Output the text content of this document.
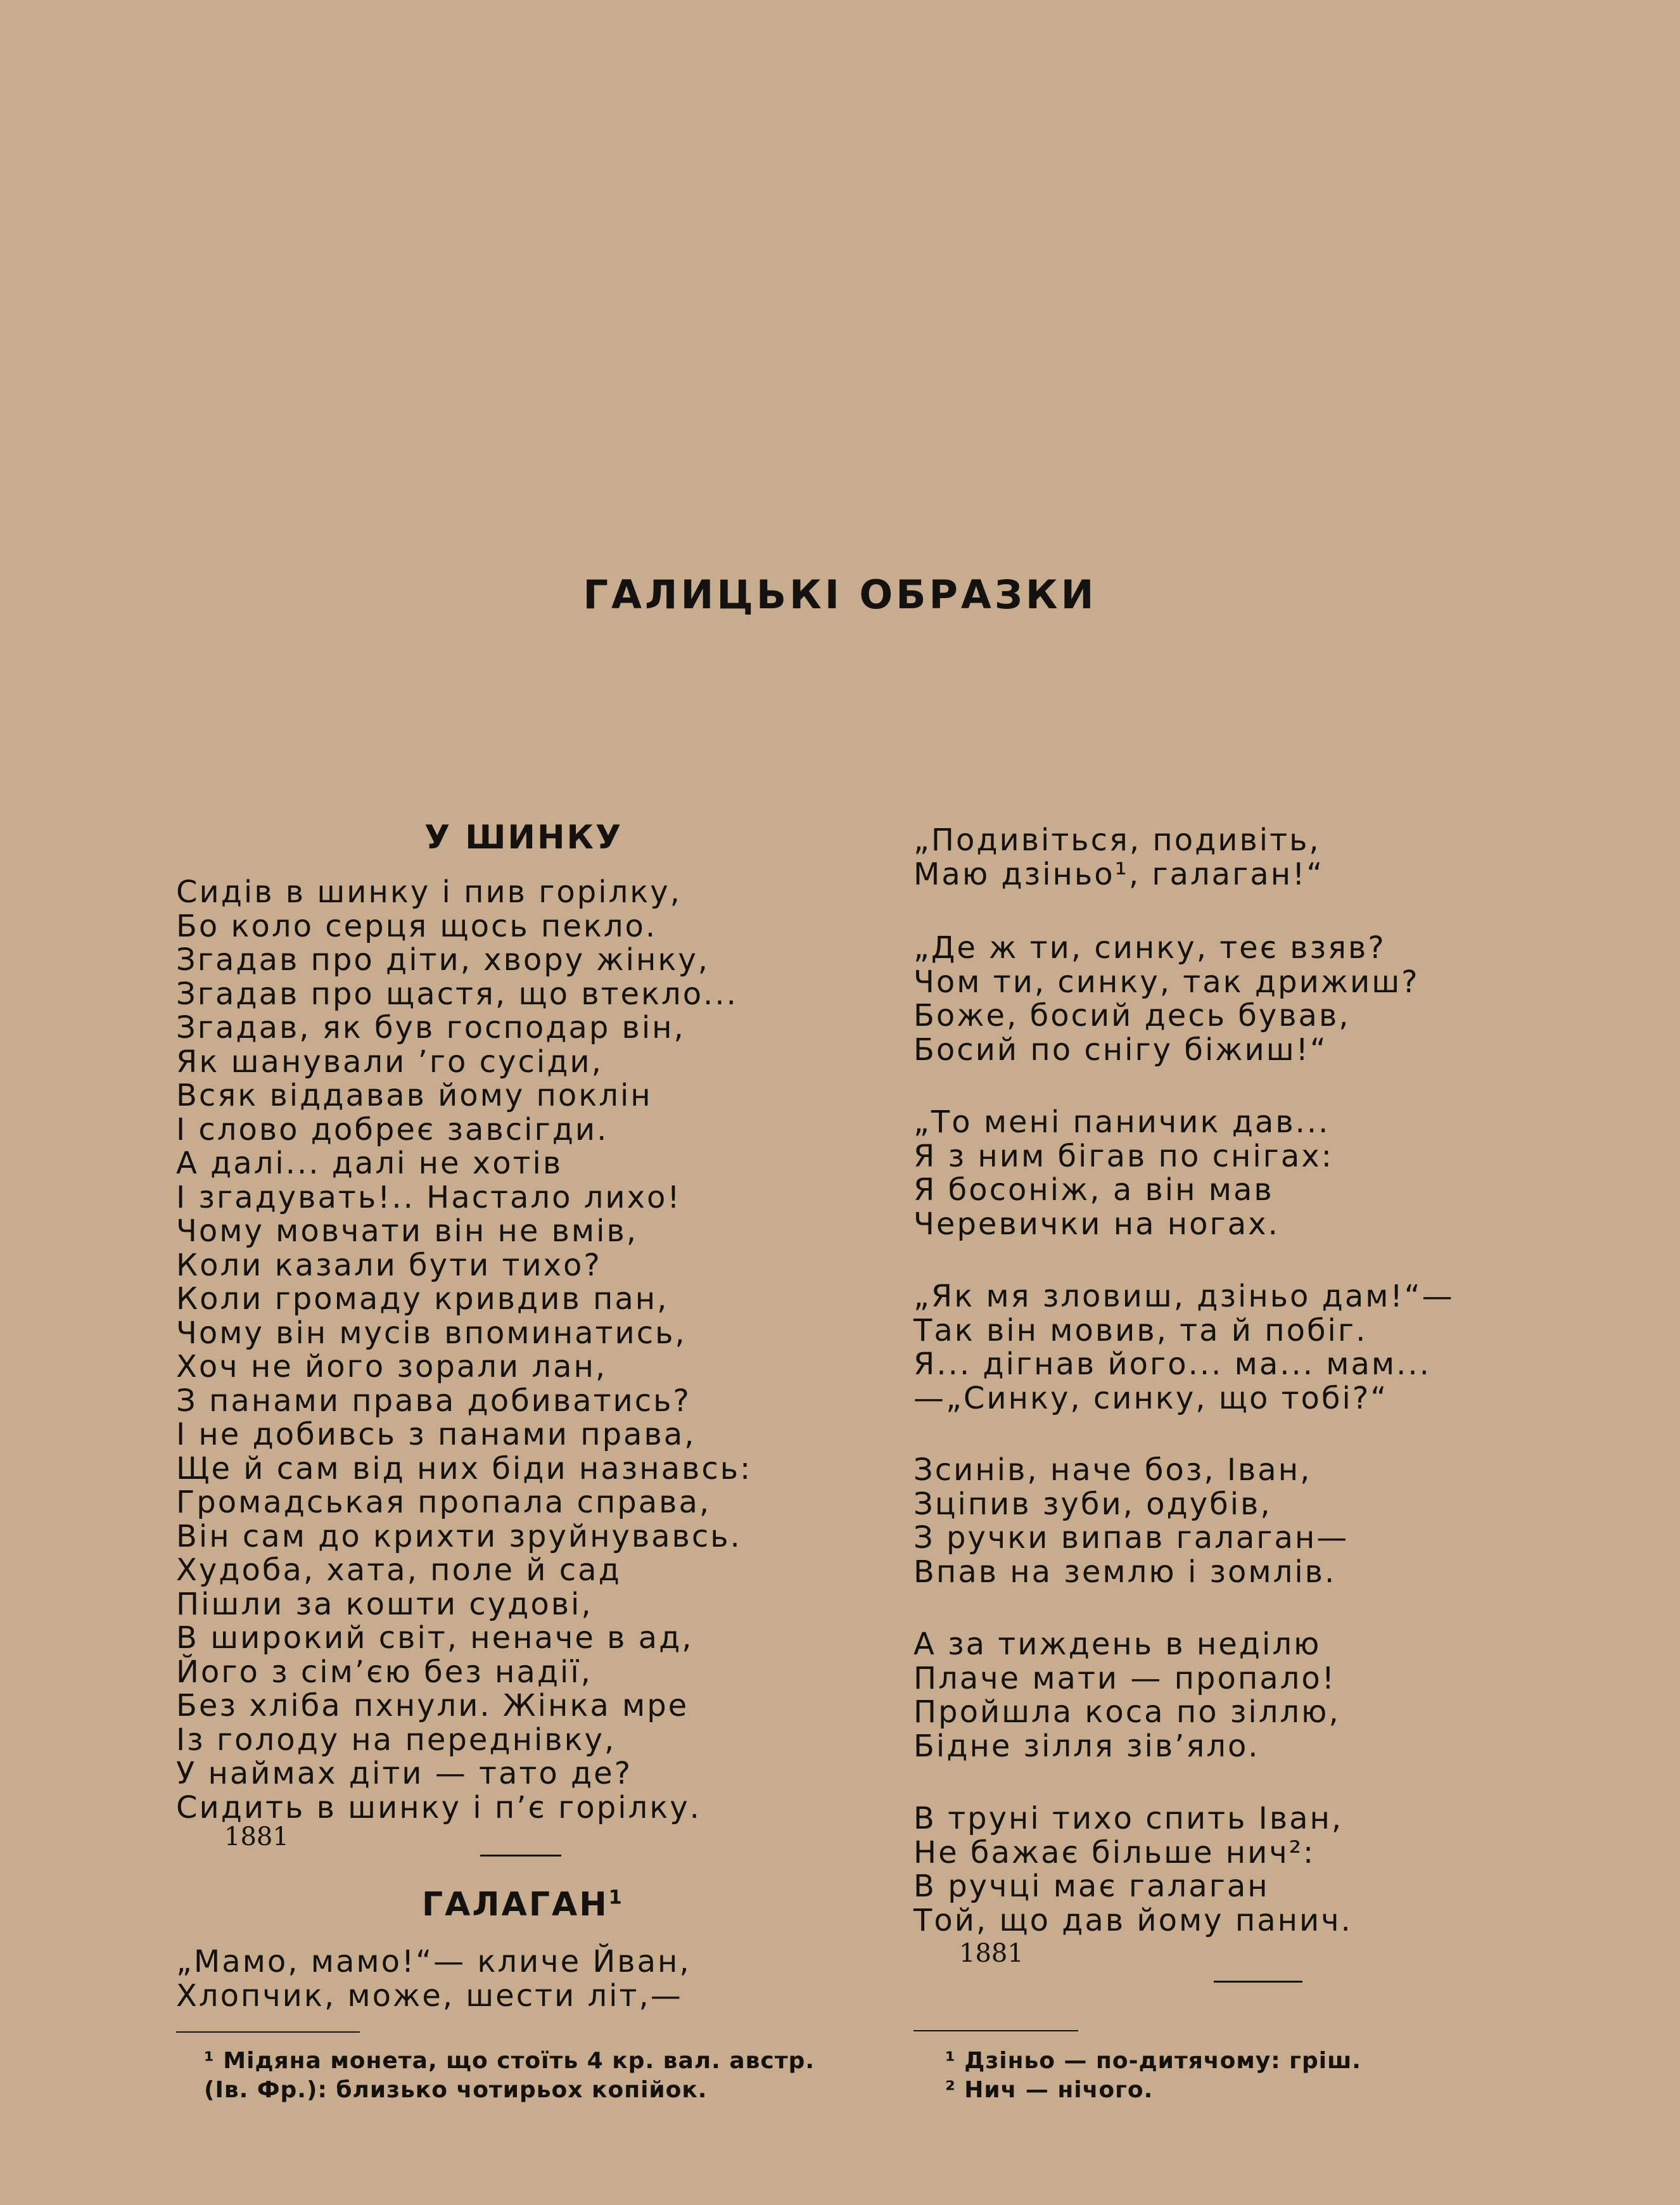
ГАЛИЦЬКІ ОБРАЗКИ
У ШИНКУ
Сидів в шинку і пив горілку,
Бо коло серця щось пекло.
Згадав про діти, хвору жінку,
Згадав про щастя, що втекло...
Згадав, як був господар він,
Як шанували ’го сусіди,
Всяк віддавав йому поклін
І слово добреє завсігди.
А далі... далі не хотів
І згадувать!.. Настало лихо!
Чому мовчати він не вмів,
Коли казали бути тихо?
Коли громаду кривдив пан,
Чому він мусів впоминатись,
Хоч не його зорали лан,
З панами права добиватись?
І не добивсь з панами права,
Ще й сам від них біди назнавсь:
Громадськая пропала справа,
Він сам до крихти зруйнувавсь.
Худоба, хата, поле й сад
Пішли за кошти судові,
В широкий світ, неначе в ад,
Його з сім’єю без надії,
Без хліба пхнули. Жінка мре
Із голоду на переднівку,
У наймах діти — тато де?
Сидить в шинку і п’є горілку.

1881

ГАЛАГАН$^1$
„Мамо, мамо!“— кличе Йван,
Хлопчик, може, шести літ,—
¹ Мідяна монета, що стоїть 4 кр. вал. австр.
(Ів. Фр.): близько чотирьох копійок.
„Подивіться, подивіть,
Маю дзіньо¹, галаган!“
„Де ж ти, синку, теє взяв?
Чом ти, синку, так дрижиш?
Боже, босий десь бував,
Босий по снігу біжиш!“
„То мені паничик дав...
Я з ним бігав по снігах:
Я босоніж, а він мав
Черевички на ногах.
„Як мя зловиш, дзіньо дам!“—
Так він мовив, та й побіг.
Я... дігнав його... ма... мам...
—„Синку, синку, що тобі?“
Зсинів, наче боз, Іван,
Зціпив зуби, одубів,
З ручки випав галаган—
Впав на землю і зомлів.
А за тиждень в неділю
Плаче мати — пропало!
Пройшла коса по зіллю,
Бідне зілля зів’яло.
В труні тихо спить Іван,
Не бажає більше нич²:
В ручці має галаган
Той, що дав йому панич.

1881

¹ Дзіньо — по-дитячому: гріш.
² Нич — нічого.
